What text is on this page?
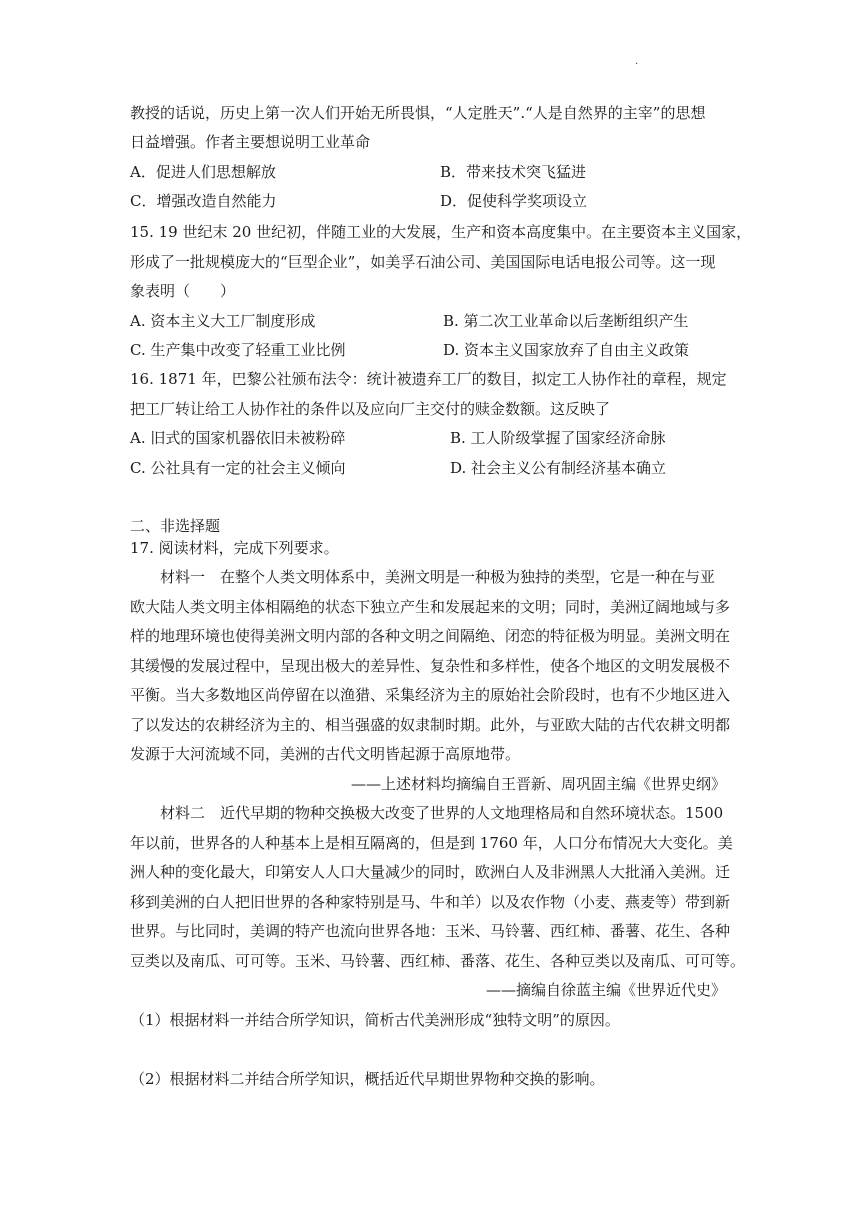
.
教授的话说，历史上第一次人们开始无所畏惧，“人定胜天”.“人是自然界的主宰”的思想
日益增强。作者主要想说明工业革命
A．促进人们思想解放	B．带来技术突飞猛进
C．增强改造自然能力	D．促使科学奖项设立
15. 19 世纪末 20 世纪初，伴随工业的大发展，生产和资本高度集中。在主要资本主义国家，
形成了一批规模庞大的“巨型企业”，如美孚石油公司、美国国际电话电报公司等。这一现
象表明（　　）
A. 资本主义大工厂制度形成	B. 第二次工业革命以后垄断组织产生
C. 生产集中改变了轻重工业比例	D. 资本主义国家放弃了自由主义政策
16. 1871 年，巴黎公社颁布法令：统计被遗弃工厂的数目，拟定工人协作社的章程，规定
把工厂转让给工人协作社的条件以及应向厂主交付的赎金数额。这反映了
A. 旧式的国家机器依旧未被粉碎	B. 工人阶级掌握了国家经济命脉
C. 公社具有一定的社会主义倾向	D. 社会主义公有制经济基本确立
二、非选择题
17. 阅读材料，完成下列要求。
材料一　在整个人类文明体系中，美洲文明是一种极为独持的类型，它是一种在与亚
欧大陆人类文明主体相隔绝的状态下独立产生和发展起来的文明；同时，美洲辽阔地域与多
样的地理环境也使得美洲文明内部的各种文明之间隔绝、闭恋的特征极为明显。美洲文明在
其缓慢的发展过程中，呈现出极大的差异性、复杂性和多样性，使各个地区的文明发展极不
平衡。当大多数地区尚停留在以渔猎、采集经济为主的原始社会阶段时，也有不少地区进入
了以发达的农耕经济为主的、相当强盛的奴隶制时期。此外，与亚欧大陆的古代农耕文明都
发源于大河流域不同，美洲的古代文明皆起源于高原地带。
——上述材料均摘编自王晋新、周巩固主编《世界史纲》
材料二　近代早期的物种交换极大改变了世界的人文地理格局和自然环境状态。1500
年以前，世界各的人种基本上是相互隔离的，但是到 1760 年，人口分布情况大大变化。美
洲人种的变化最大，印第安人人口大量减少的同时，欧洲白人及非洲黑人大批涌入美洲。迁
移到美洲的白人把旧世界的各种家特别是马、牛和羊）以及农作物（小麦、燕麦等）带到新
世界。与比同时，美调的特产也流向世界各地：玉米、马铃薯、西红柿、番薯、花生、各种
豆类以及南瓜、可可等。玉米、马铃薯、西红柿、番落、花生、各种豆类以及南瓜、可可等。
——摘编自徐蓝主编《世界近代史》
（1）根据材料一并结合所学知识，简析古代美洲形成“独特文明”的原因。
（2）根据材料二并结合所学知识，概括近代早期世界物种交换的影响。
